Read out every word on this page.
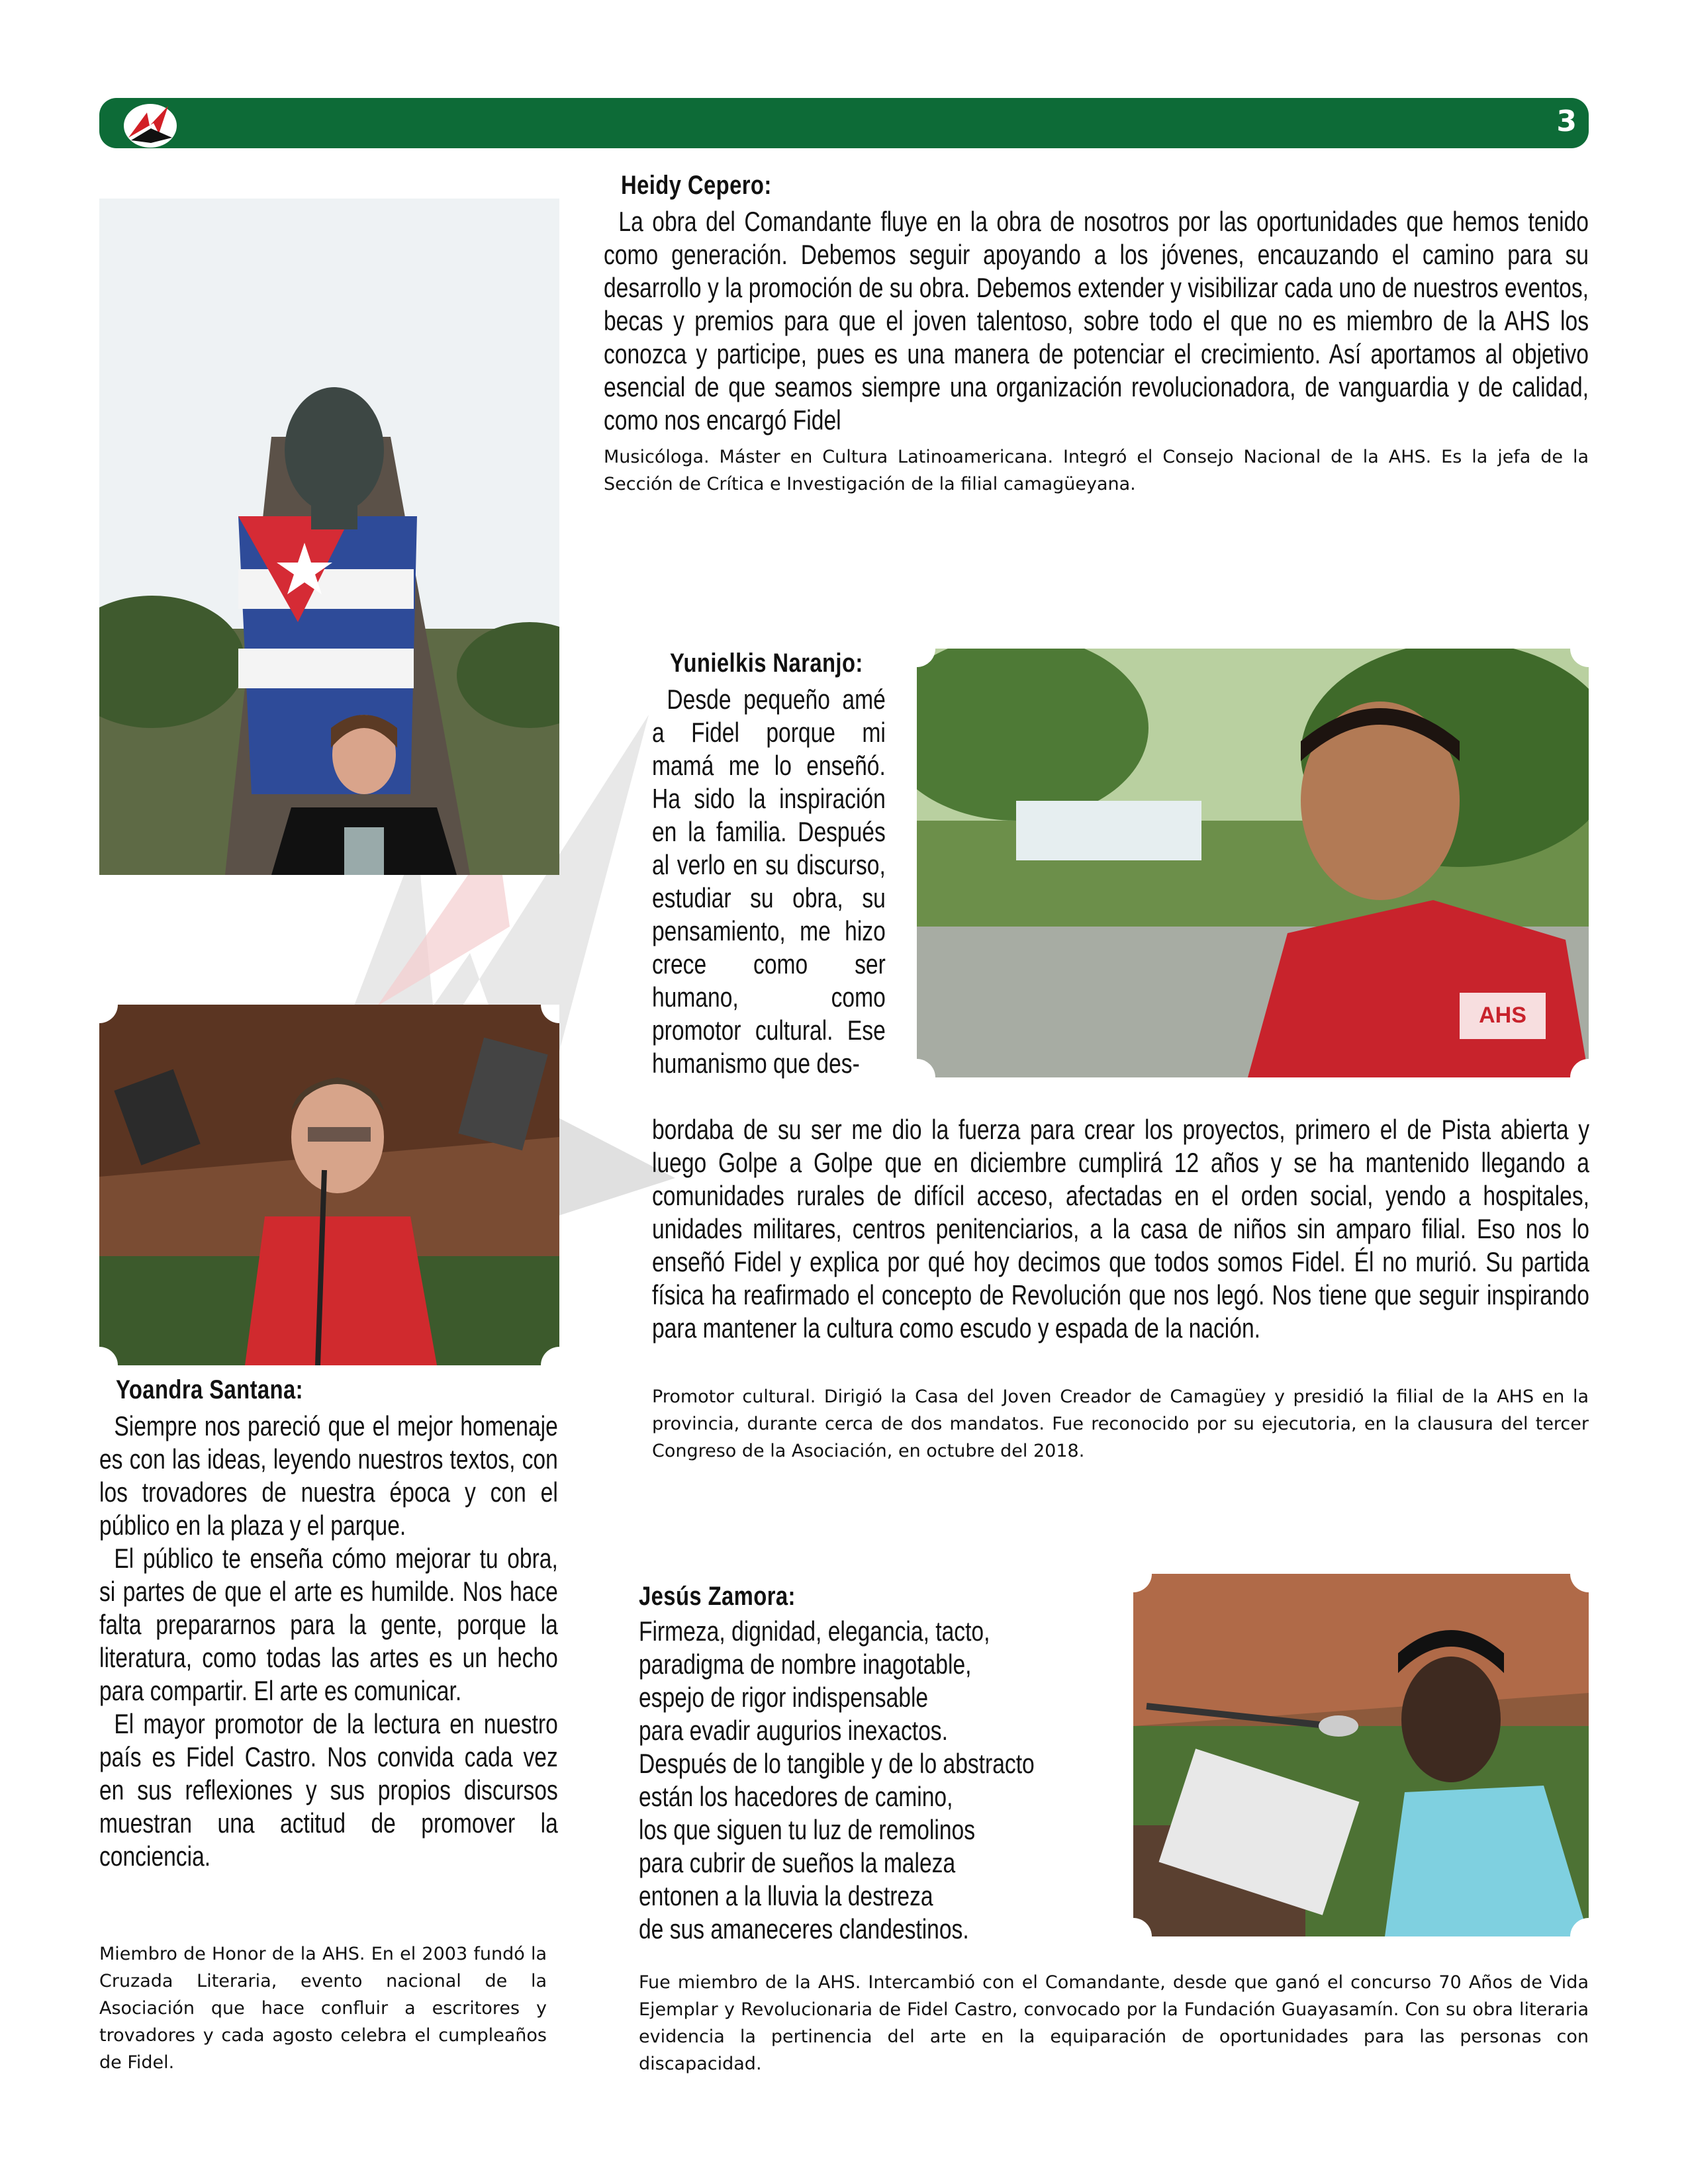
3
AHS
Heidy Cepero:

La obra del Comandante fluye en la obra de nosotros por las oportunidades que hemos tenido como generación. Debemos seguir apoyando a los jóvenes, encauzando el camino para su desarrollo y la promoción de su obra. Debemos extender y visibilizar cada uno de nuestros eventos, becas y premios para que el joven talentoso, sobre todo el que no es miembro de la AHS los conozca y participe, pues es una manera de potenciar el crecimiento. Así aportamos al objetivo esencial de que seamos siempre una organización revolucionadora, de vanguardia y de calidad, como nos encargó Fidel

Musicóloga. Máster en Cultura Latinoamericana. Integró el Consejo Nacional de la AHS. Es la jefa de la Sección de Crítica e Investigación de la filial camagüeyana.
Yunielkis Naranjo:

Desde pequeño amé a Fidel porque mi mamá me lo enseñó. Ha sido la inspiración en la familia. Después al verlo en su discurso, estudiar su obra, su pensamiento, me hizo crece como ser humano, como promotor cultural. Ese humanismo que des-

bordaba de su ser me dio la fuerza para crear los proyectos, primero el de Pista abierta y luego Golpe a Golpe que en diciembre cumplirá 12 años y se ha mantenido llegando a comunidades rurales de difícil acceso, afectadas en el orden social, yendo a hospitales, unidades militares, centros penitenciarios, a la casa de niños sin amparo filial. Eso nos lo enseñó Fidel y explica por qué hoy decimos que todos somos Fidel. Él no murió. Su partida física ha reafirmado el concepto de Revolución que nos legó. Nos tiene que seguir inspirando para mantener la cultura como escudo y espada de la nación.

Promotor cultural. Dirigió la Casa del Joven Creador de Camagüey y presidió la filial de la AHS en la provincia, durante cerca de dos mandatos. Fue reconocido por su ejecutoria, en la clausura del tercer Congreso de la Asociación, en octubre del 2018.
Yoandra Santana:

Siempre nos pareció que el mejor homenaje es con las ideas, leyendo nuestros textos, con los trovadores de nuestra época y con el público en la plaza y el parque.

El público te enseña cómo mejorar tu obra, si partes de que el arte es humilde. Nos hace falta prepararnos para la gente, porque la literatura, como todas las artes es un hecho para compartir. El arte es comunicar.

El mayor promotor de la lectura en nuestro país es Fidel Castro. Nos convida cada vez en sus reflexiones y sus propios discursos muestran una actitud de promover la conciencia.

Miembro de Honor de la AHS. En el 2003 fundó la Cruzada Literaria, evento nacional de la Asociación que hace confluir a escritores y trovadores y cada agosto celebra el cumpleaños de Fidel.
Jesús Zamora:
Firmeza, dignidad, elegancia, tacto,
paradigma de nombre inagotable,
espejo de rigor indispensable
para evadir augurios inexactos.
Después de lo tangible y de lo abstracto
están los hacedores de camino,
los que siguen tu luz de remolinos
para cubrir de sueños la maleza
entonen a la lluvia la destreza
de sus amaneceres clandestinos.
Fue miembro de la AHS. Intercambió con el Comandante, desde que ganó el concurso 70 Años de Vida Ejemplar y Revolucionaria de Fidel Castro, convocado por la Fundación Guayasamín. Con su obra literaria evidencia la pertinencia del arte en la equiparación de oportunidades para las personas con discapacidad.
